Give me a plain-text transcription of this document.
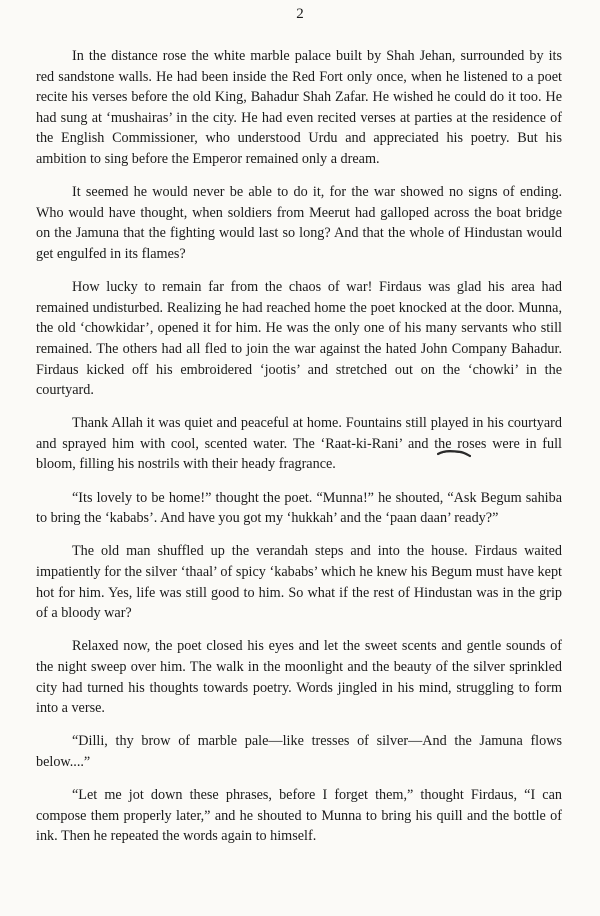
2

In the distance rose the white marble palace built by Shah Jehan, surrounded by its red sandstone walls. He had been inside the Red Fort only once, when he listened to a poet recite his verses before the old King, Bahadur Shah Zafar. He wished he could do it too. He had sung at ‘mushairas’ in the city. He had even recited verses at parties at the residence of the English Commissioner, who understood Urdu and appreciated his poetry. But his ambition to sing before the Emperor remained only a dream.

It seemed he would never be able to do it, for the war showed no signs of ending. Who would have thought, when soldiers from Meerut had galloped across the boat bridge on the Jamuna that the fighting would last so long? And that the whole of Hindustan would get engulfed in its flames?

How lucky to remain far from the chaos of war! Firdaus was glad his area had remained undisturbed. Realizing he had reached home the poet knocked at the door. Munna, the old ‘chowkidar’, opened it for him. He was the only one of his many servants who still remained. The others had all fled to join the war against the hated John Company Bahadur. Firdaus kicked off his embroidered ‘jootis’ and stretched out on the ‘chowki’ in the courtyard.

Thank Allah it was quiet and peaceful at home. Fountains still played in his courtyard and sprayed him with cool, scented water. The ‘Raat-ki-Rani’ and the roses were in full bloom, filling his nostrils with their heady fragrance.

“Its lovely to be home!” thought the poet. “Munna!” he shouted, “Ask Begum sahiba to bring the ‘kababs’. And have you got my ‘hukkah’ and the ‘paan daan’ ready?”

The old man shuffled up the verandah steps and into the house. Firdaus waited impatiently for the silver ‘thaal’ of spicy ‘kababs’ which he knew his Begum must have kept hot for him. Yes, life was still good to him. So what if the rest of Hindustan was in the grip of a bloody war?

Relaxed now, the poet closed his eyes and let the sweet scents and gentle sounds of the night sweep over him. The walk in the moonlight and the beauty of the silver sprinkled city had turned his thoughts towards poetry. Words jingled in his mind, struggling to form into a verse.

“Dilli, thy brow of marble pale—like tresses of silver—And the Jamuna flows below....”

“Let me jot down these phrases, before I forget them,” thought Firdaus, “I can compose them properly later,” and he shouted to Munna to bring his quill and the bottle of ink. Then he repeated the words again to himself.
